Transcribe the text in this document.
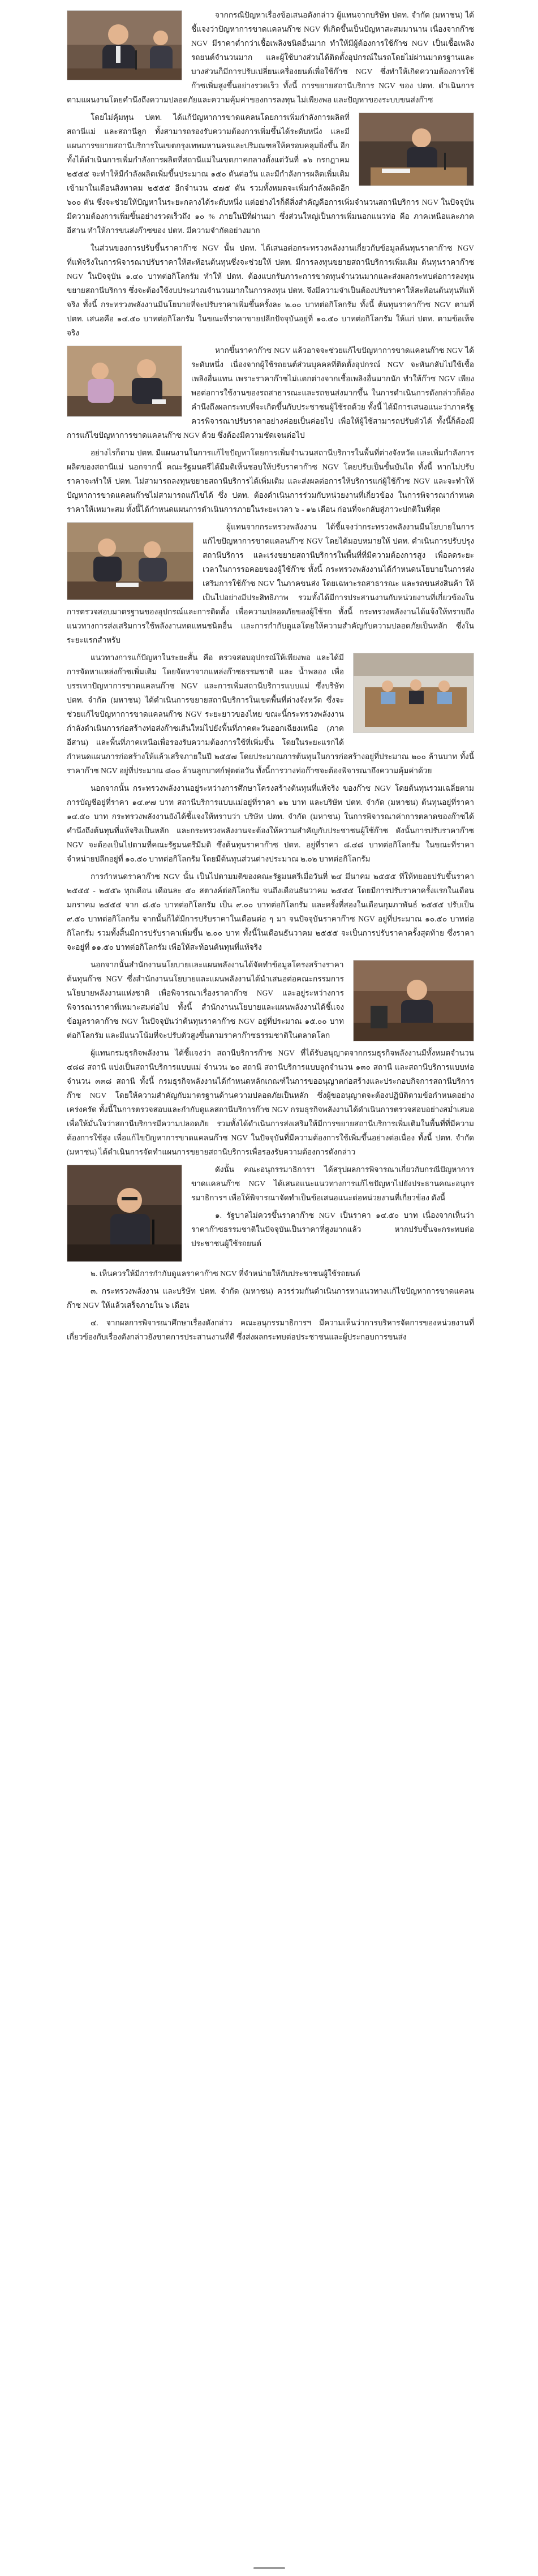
จากกรณีปัญหาเรื่องข้อเสนอดังกล่าว ผู้แทนจากบริษัท ปตท. จำกัด (มหาชน) ได้ชี้แจงว่าปัญหาการขาดแคลนก๊าซ NGV ที่เกิดขึ้นเป็นปัญหาสะสมมานาน เนื่องจากก๊าซ NGV มีราคาต่ำกว่าเชื้อเพลิงชนิดอื่นมาก ทำให้มีผู้ต้องการใช้ก๊าซ NGV เป็นเชื้อเพลิงรถยนต์จำนวนมาก และผู้ใช้บางส่วนได้ติดตั้งอุปกรณ์ในรถโดยไม่ผ่านมาตรฐานและบางส่วนก็มีการปรับเปลี่ยนเครื่องยนต์เพื่อใช้ก๊าซ NGV ซึ่งทำให้เกิดความต้องการใช้ก๊าซเพิ่มสูงขึ้นอย่างรวดเร็ว ทั้งนี้ การขยายสถานีบริการ NGV ของ ปตท. ดำเนินการตามแผนงานโดยคำนึงถึงความปลอดภัยและความคุ้มค่าของการลงทุน ไม่เพียงพอ และปัญหาของระบบขนส่งก๊าซ

โดยไม่คุ้มทุน ปตท. ได้แก้ปัญหาการขาดแคลนโดยการเพิ่มกำลังการผลิตที่สถานีแม่ และสถานีลูก ทั้งสามารถรองรับความต้องการเพิ่มขึ้นได้ระดับหนึ่ง และมีแผนการขยายสถานีบริการในเขตกรุงเทพมหานครและปริมณฑลให้ครอบคลุมยิ่งขึ้น อีกทั้งได้ดำเนินการเพิ่มกำลังการผลิตที่สถานีแม่ในเขตภาคกลางตั้งแต่วันที่ ๑๖ กรกฎาคม ๒๕๕๕ จะทำให้มีกำลังผลิตเพิ่มขึ้นประมาณ ๑๕๐ ตันต่อวัน และมีกำลังการผลิตเพิ่มเติมเข้ามาในเดือนสิงหาคม ๒๕๕๕ อีกจำนวน ๔๗๕ ตัน รวมทั้งหมดจะเพิ่มกำลังผลิตอีก ๖๐๐ ตัน ซึ่งจะช่วยให้ปัญหาในระยะกลางได้ระดับหนึ่ง แต่อย่างไรก็ดีสิ่งสำคัญคือการเพิ่มจำนวนสถานีบริการ NGV ในปัจจุบันมีความต้องการเพิ่มขึ้นอย่างรวดเร็วถึง ๑๐ % ภายในปีที่ผ่านมา ซึ่งส่วนใหญ่เป็นการเพิ่มนอกแนวท่อ คือ ภาคเหนือและภาคอีสาน ทำให้การขนส่งก๊าซของ ปตท. มีความจำกัดอย่างมาก

ในส่วนของการปรับขึ้นราคาก๊าซ NGV นั้น ปตท. ได้เสนอต่อกระทรวงพลังงานเกี่ยวกับข้อมูลต้นทุนราคาก๊าซ NGV ที่แท้จริงในการพิจารณาปรับราคาให้สะท้อนต้นทุนซึ่งจะช่วยให้ ปตท. มีการลงทุนขยายสถานีบริการเพิ่มเติม ต้นทุนราคาก๊าซ NGV ในปัจจุบัน ๑.๔๐ บาทต่อกิโลกรัม ทำให้ ปตท. ต้องแบกรับภาระการขาดทุนจำนวนมากและส่งผลกระทบต่อการลงทุนขยายสถานีบริการ ซึ่งจะต้องใช้งบประมาณจำนวนมากในการลงทุน ปตท. จึงมีความจำเป็นต้องปรับราคาให้สะท้อนต้นทุนที่แท้จริง ทั้งนี้ กระทรวงพลังงานมีนโยบายที่จะปรับราคาเพิ่มขึ้นครั้งละ ๒.๐๐ บาทต่อกิโลกรัม ทั้งนี้ ต้นทุนราคาก๊าซ NGV ตามที่ ปตท. เสนอคือ ๑๔.๕๐ บาทต่อกิโลกรัม ในขณะที่ราคาขายปลีกปัจจุบันอยู่ที่ ๑๐.๕๐ บาทต่อกิโลกรัม ให้แก่ ปตท. ตามข้อเท็จจริง

หากขึ้นราคาก๊าซ NGV แล้วอาจจะช่วยแก้ไขปัญหาการขาดแคลนก๊าซ NGV ได้ระดับหนึ่ง เนื่องจากผู้ใช้รถยนต์ส่วนบุคคลที่ติดตั้งอุปกรณ์ NGV จะหันกลับไปใช้เชื้อเพลิงอื่นแทน เพราะราคาก๊าซไม่แตกต่างจากเชื้อเพลิงอื่นมากนัก ทำให้ก๊าซ NGV เพียงพอต่อการใช้งานของรถสาธารณะและรถขนส่งมากขึ้น ในการดำเนินการดังกล่าวก็ต้องคำนึงถึงผลกระทบที่จะเกิดขึ้นกับประชาชนผู้ใช้รถด้วย ทั้งนี้ ได้มีการเสนอแนะว่าภาครัฐควรพิจารณาปรับราคาอย่างค่อยเป็นค่อยไป เพื่อให้ผู้ใช้สามารถปรับตัวได้ ทั้งนี้ก็ต้องมีการแก้ไขปัญหาการขาดแคลนก๊าซ NGV ด้วย ซึ่งต้องมีความชัดเจนต่อไป

อย่างไรก็ตาม ปตท. มีแผนงานในการแก้ไขปัญหาโดยการเพิ่มจำนวนสถานีบริการในพื้นที่ต่างจังหวัด และเพิ่มกำลังการผลิตของสถานีแม่ นอกจากนี้ คณะรัฐมนตรีได้มีมติเห็นชอบให้ปรับราคาก๊าซ NGV โดยปรับเป็นขั้นบันได ทั้งนี้ หากไม่ปรับราคาจะทำให้ ปตท. ไม่สามารถลงทุนขยายสถานีบริการได้เพิ่มเติม และส่งผลต่อการให้บริการแก่ผู้ใช้ก๊าซ NGV และจะทำให้ปัญหาการขาดแคลนก๊าซไม่สามารถแก้ไขได้ ซึ่ง ปตท. ต้องดำเนินการร่วมกับหน่วยงานที่เกี่ยวข้อง ในการพิจารณากำหนดราคาให้เหมาะสม ทั้งนี้ได้กำหนดแผนการดำเนินการภายในระยะเวลา ๖ - ๑๒ เดือน ก่อนที่จะกลับสู่ภาวะปกติในที่สุด

ผู้แทนจากกระทรวงพลังงาน ได้ชี้แจงว่ากระทรวงพลังงานมีนโยบายในการแก้ไขปัญหาการขาดแคลนก๊าซ NGV โดยได้มอบหมายให้ ปตท. ดำเนินการปรับปรุงสถานีบริการ และเร่งขยายสถานีบริการในพื้นที่ที่มีความต้องการสูง เพื่อลดระยะเวลาในการรอคอยของผู้ใช้ก๊าซ ทั้งนี้ กระทรวงพลังงานได้กำหนดนโยบายในการส่งเสริมการใช้ก๊าซ NGV ในภาคขนส่ง โดยเฉพาะรถสาธารณะ และรถขนส่งสินค้า ให้เป็นไปอย่างมีประสิทธิภาพ รวมทั้งได้มีการประสานงานกับหน่วยงานที่เกี่ยวข้องในการตรวจสอบมาตรฐานของอุปกรณ์และการติดตั้ง เพื่อความปลอดภัยของผู้ใช้รถ ทั้งนี้ กระทรวงพลังงานได้แจ้งให้ทราบถึงแนวทางการส่งเสริมการใช้พลังงานทดแทนชนิดอื่น และการกำกับดูแลโดยให้ความสำคัญกับความปลอดภัยเป็นหลัก ซึ่งในระยะแรกสำหรับ

แนวทางการแก้ปัญหาในระยะสั้น คือ ตรวจสอบอุปกรณ์ให้เพียงพอ และได้มีการจัดหาแหล่งก๊าซเพิ่มเติม โดยจัดหาจากแหล่งก๊าซธรรมชาติ และ น้ำพลอง เพื่อบรรเทาปัญหาการขาดแคลนก๊าซ NGV และการเพิ่มสถานีบริการแบบแม่ ซึ่งบริษัท ปตท. จำกัด (มหาชน) ได้ดำเนินการขยายสถานีบริการในเขตพื้นที่ต่างจังหวัด ซึ่งจะช่วยแก้ไขปัญหาการขาดแคลนก๊าซ NGV ระยะยาวของไทย ขณะนี้กระทรวงพลังงานกำลังดำเนินการก่อสร้างท่อส่งก๊าซเส้นใหม่ไปยังพื้นที่ภาคตะวันออกเฉียงเหนือ (ภาคอีสาน) และพื้นที่ภาคเหนือเพื่อรองรับความต้องการใช้ที่เพิ่มขึ้น โดยในระยะแรกได้กำหนดแผนการก่อสร้างให้แล้วเสร็จภายในปี ๒๕๕๗ โดยประมาณการต้นทุนในการก่อสร้างอยู่ที่ประมาณ ๒๐๐ ล้านบาท ทั้งนี้ ราคาก๊าซ NGV อยู่ที่ประมาณ ๘๐๐ ล้านลูกบาศก์ฟุตต่อวัน ทั้งนี้การวางท่อก๊าซจะต้องพิจารณาถึงความคุ้มค่าด้วย

นอกจากนั้น กระทรวงพลังงานอยู่ระหว่างการศึกษาโครงสร้างต้นทุนที่แท้จริง ของก๊าซ NGV โดยต้นทุนรวมเฉลี่ยตามการบัญชีอยู่ที่ราคา ๑๔.๙๗ บาท สถานีบริการแบบแม่อยู่ที่ราคา ๑๒ บาท และบริษัท ปตท. จำกัด (มหาชน) ต้นทุนอยู่ที่ราคา ๑๔.๕๐ บาท กระทรวงพลังงานยังได้ชี้แจงให้ทราบว่า บริษัท ปตท. จำกัด (มหาชน) ในการพิจารณาค่าการตลาดของก๊าซได้คำนึงถึงต้นทุนที่แท้จริงเป็นหลัก และกระทรวงพลังงานจะต้องให้ความสำคัญกับประชาชนผู้ใช้ก๊าซ ดังนั้นการปรับราคาก๊าซ NGV จะต้องเป็นไปตามที่คณะรัฐมนตรีมีมติ ซึ่งต้นทุนราคาก๊าซ ปตท. อยู่ที่ราคา ๘.๔๘ บาทต่อกิโลกรัม ในขณะที่ราคาจำหน่ายปลีกอยู่ที่ ๑๐.๕๐ บาทต่อกิโลกรัม โดยมีต้นทุนส่วนต่างประมาณ ๒.๐๒ บาทต่อกิโลกรัม

การกำหนดราคาก๊าซ NGV นั้น เป็นไปตามมติของคณะรัฐมนตรีเมื่อวันที่ ๒๔ มีนาคม ๒๕๕๕ ที่ให้ทยอยปรับขึ้นราคา ๒๕๕๕ - ๒๕๕๖ ทุกเดือน เดือนละ ๕๐ สตางค์ต่อกิโลกรัม จนถึงเดือนธันวาคม ๒๕๕๕ โดยมีการปรับราคาครั้งแรกในเดือนมกราคม ๒๕๕๕ จาก ๘.๕๐ บาทต่อกิโลกรัม เป็น ๙.๐๐ บาทต่อกิโลกรัม และครั้งที่สองในเดือนกุมภาพันธ์ ๒๕๕๕ ปรับเป็น ๙.๕๐ บาทต่อกิโลกรัม จากนั้นก็ได้มีการปรับราคาในเดือนต่อ ๆ มา จนปัจจุบันราคาก๊าซ NGV อยู่ที่ประมาณ ๑๐.๕๐ บาทต่อกิโลกรัม รวมทั้งสิ้นมีการปรับราคาเพิ่มขึ้น ๒.๐๐ บาท ทั้งนี้ในเดือนธันวาคม ๒๕๕๕ จะเป็นการปรับราคาครั้งสุดท้าย ซึ่งราคาจะอยู่ที่ ๑๑.๕๐ บาทต่อกิโลกรัม เพื่อให้สะท้อนต้นทุนที่แท้จริง

นอกจากนั้นสำนักงานนโยบายและแผนพลังงานได้จัดทำข้อมูลโครงสร้างราคาต้นทุนก๊าซ NGV ซึ่งสำนักงานนโยบายและแผนพลังงานได้นำเสนอต่อคณะกรรมการนโยบายพลังงานแห่งชาติ เพื่อพิจารณาเรื่องราคาก๊าซ NGV และอยู่ระหว่างการพิจารณาราคาที่เหมาะสมต่อไป ทั้งนี้ สำนักงานนโยบายและแผนพลังงานได้ชี้แจงข้อมูลราคาก๊าซ NGV ในปัจจุบันว่าต้นทุนราคาก๊าซ NGV อยู่ที่ประมาณ ๑๕.๐๐ บาทต่อกิโลกรัม และมีแนวโน้มที่จะปรับตัวสูงขึ้นตามราคาก๊าซธรรมชาติในตลาดโลก

ผู้แทนกรมธุรกิจพลังงาน ได้ชี้แจงว่า สถานีบริการก๊าซ NGV ที่ได้รับอนุญาตจากกรมธุรกิจพลังงานมีทั้งหมดจำนวน ๔๘๘ สถานี แบ่งเป็นสถานีบริการแบบแม่ จำนวน ๒๐ สถานี สถานีบริการแบบลูกจำนวน ๑๓๐ สถานี และสถานีบริการแบบท่อจำนวน ๓๓๘ สถานี ทั้งนี้ กรมธุรกิจพลังงานได้กำหนดหลักเกณฑ์ในการขออนุญาตก่อสร้างและประกอบกิจการสถานีบริการก๊าซ NGV โดยให้ความสำคัญกับมาตรฐานด้านความปลอดภัยเป็นหลัก ซึ่งผู้ขออนุญาตจะต้องปฏิบัติตามข้อกำหนดอย่างเคร่งครัด ทั้งนี้ในการตรวจสอบและกำกับดูแลสถานีบริการก๊าซ NGV กรมธุรกิจพลังงานได้ดำเนินการตรวจสอบอย่างสม่ำเสมอ เพื่อให้มั่นใจว่าสถานีบริการมีความปลอดภัย รวมทั้งได้ดำเนินการส่งเสริมให้มีการขยายสถานีบริการเพิ่มเติมในพื้นที่ที่มีความต้องการใช้สูง เพื่อแก้ไขปัญหาการขาดแคลนก๊าซ NGV ในปัจจุบันที่มีความต้องการใช้เพิ่มขึ้นอย่างต่อเนื่อง ทั้งนี้ ปตท. จำกัด (มหาชน) ได้ดำเนินการจัดทำแผนการขยายสถานีบริการเพื่อรองรับความต้องการดังกล่าว

ดังนั้น คณะอนุกรรมาธิการฯ ได้สรุปผลการพิจารณาเกี่ยวกับกรณีปัญหาการขาดแคลนก๊าซ NGV ได้เสนอแนะแนวทางการแก้ไขปัญหาไปยังประธานคณะอนุกรรมาธิการฯ เพื่อให้พิจารณาจัดทำเป็นข้อเสนอแนะต่อหน่วยงานที่เกี่ยวข้อง ดังนี้

๑. รัฐบาลไม่ควรขึ้นราคาก๊าซ NGV เป็นราคา ๑๔.๕๐ บาท เนื่องจากเห็นว่าราคาก๊าซธรรมชาติในปัจจุบันเป็นราคาที่สูงมากแล้ว หากปรับขึ้นจะกระทบต่อประชาชนผู้ใช้รถยนต์

๒. เห็นควรให้มีการกำกับดูแลราคาก๊าซ NGV ที่จำหน่ายให้กับประชาชนผู้ใช้รถยนต์

๓. กระทรวงพลังงาน และบริษัท ปตท. จำกัด (มหาชน) ควรร่วมกันดำเนินการหาแนวทางแก้ไขปัญหาการขาดแคลนก๊าซ NGV ให้แล้วเสร็จภายใน ๖ เดือน

๔. จากผลการพิจารณาศึกษาเรื่องดังกล่าว คณะอนุกรรมาธิการฯ มีความเห็นว่าการบริหารจัดการของหน่วยงานที่เกี่ยวข้องกับเรื่องดังกล่าวยังขาดการประสานงานที่ดี ซึ่งส่งผลกระทบต่อประชาชนและผู้ประกอบการขนส่ง
